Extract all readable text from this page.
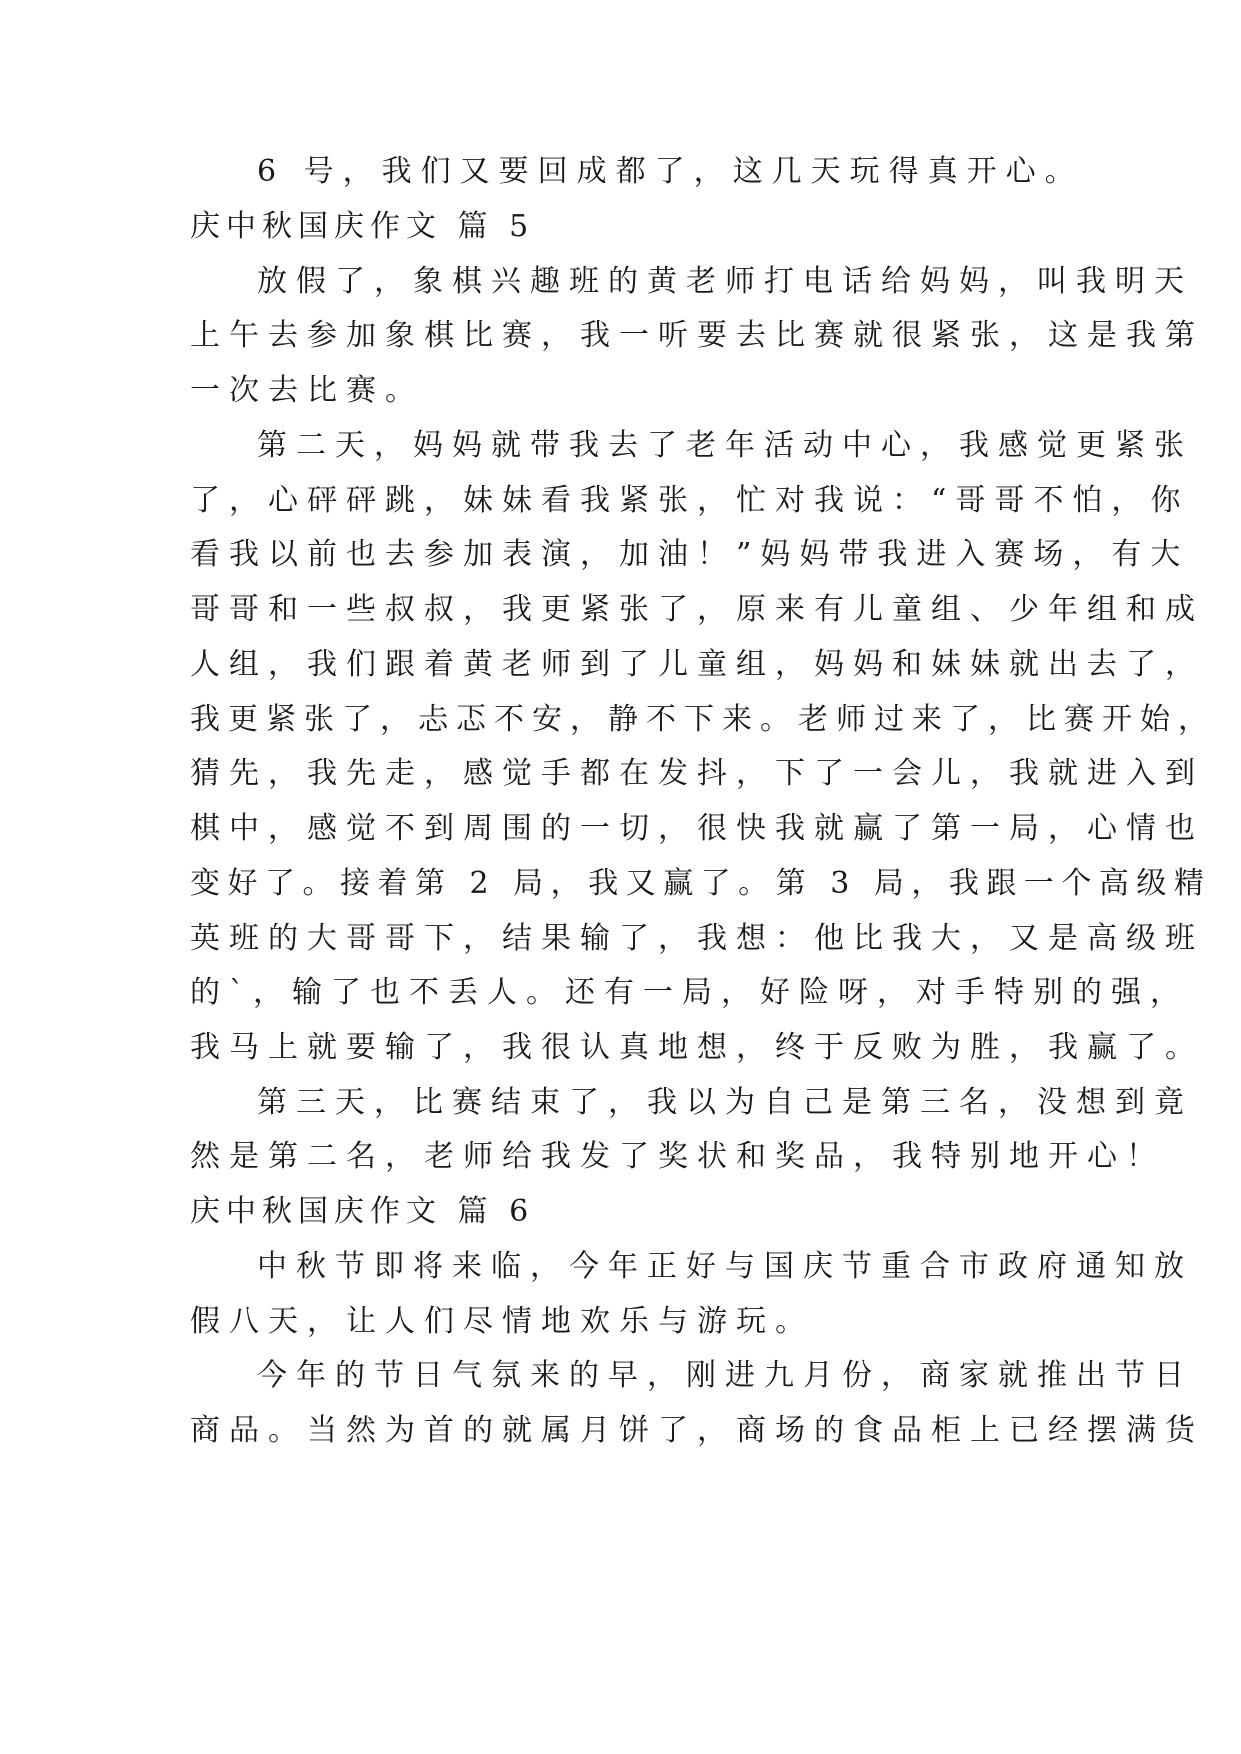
6 号，我们又要回成都了，这几天玩得真开心。
庆中秋国庆作文 篇 5
放假了，象棋兴趣班的黄老师打电话给妈妈，叫我明天
上午去参加象棋比赛，我一听要去比赛就很紧张，这是我第
一次去比赛。
第二天，妈妈就带我去了老年活动中心，我感觉更紧张
了，心砰砰跳，妹妹看我紧张，忙对我说：“哥哥不怕，你
看我以前也去参加表演，加油！”妈妈带我进入赛场，有大
哥哥和一些叔叔，我更紧张了，原来有儿童组、少年组和成
人组，我们跟着黄老师到了儿童组，妈妈和妹妹就出去了，
我更紧张了，忐忑不安，静不下来。老师过来了，比赛开始，
猜先，我先走，感觉手都在发抖，下了一会儿，我就进入到
棋中，感觉不到周围的一切，很快我就赢了第一局，心情也
变好了。接着第 2 局，我又赢了。第 3 局，我跟一个高级精
英班的大哥哥下，结果输了，我想：他比我大，又是高级班
的`，输了也不丢人。还有一局，好险呀，对手特别的强，
我马上就要输了，我很认真地想，终于反败为胜，我赢了。
第三天，比赛结束了，我以为自己是第三名，没想到竟
然是第二名，老师给我发了奖状和奖品，我特别地开心！
庆中秋国庆作文 篇 6
中秋节即将来临，今年正好与国庆节重合市政府通知放
假八天，让人们尽情地欢乐与游玩。
今年的节日气氛来的早，刚进九月份，商家就推出节日
商品。当然为首的就属月饼了，商场的食品柜上已经摆满货
